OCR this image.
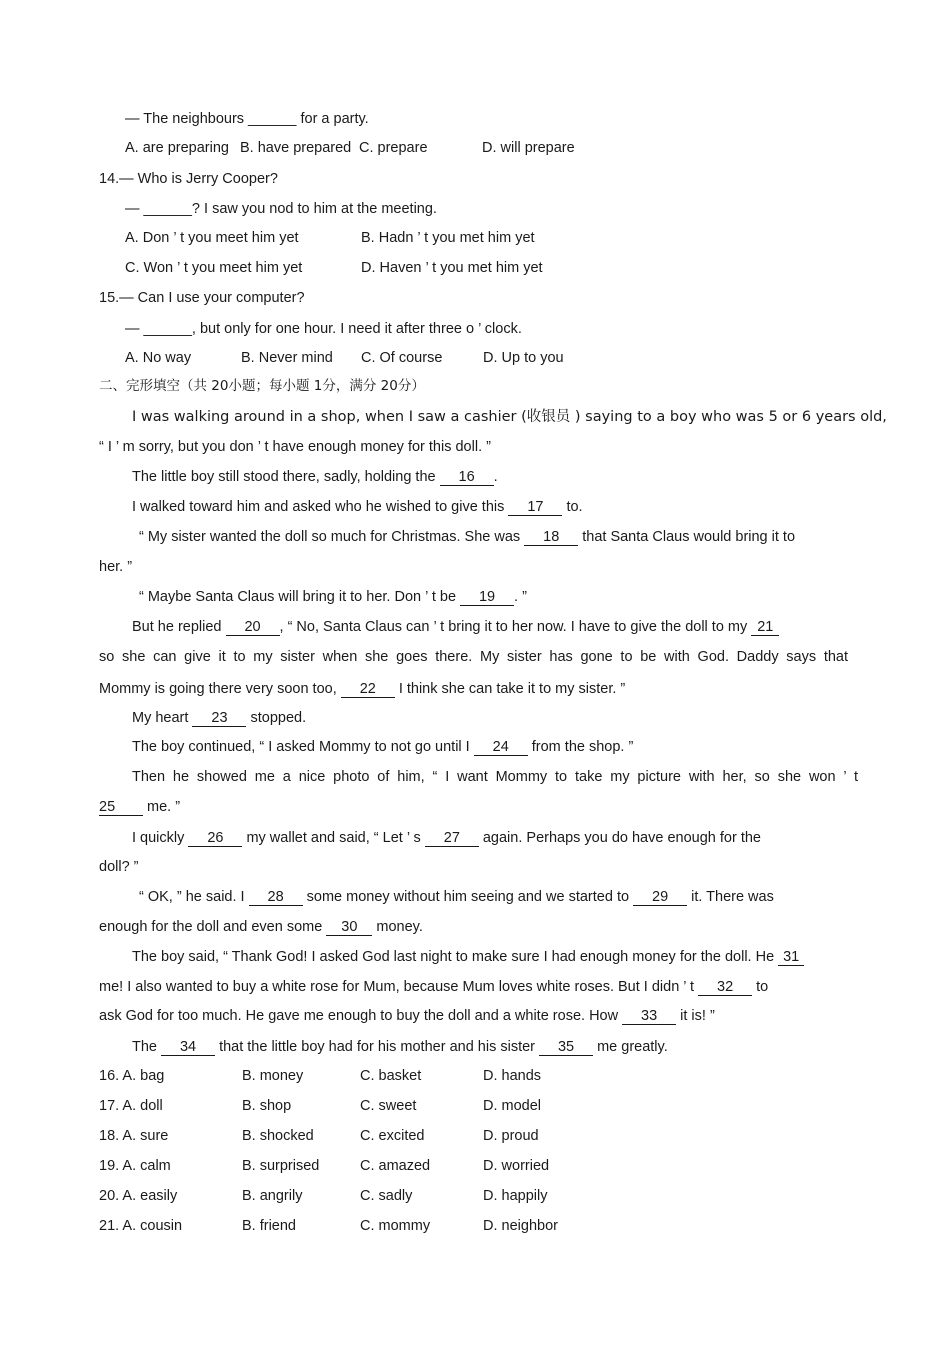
— The neighbours ______ for a party.
A. are preparing B. have prepared C. prepare	D. will prepare
14.— Who is Jerry Cooper?
— ______? I saw you nod to him at the meeting.
A. Don ’ t you meet him yet	B. Hadn ’ t you met him yet
C. Won ’ t you meet him yet	D. Haven ’ t you met him yet
15.— Can I use your computer?
— ______, but only for one hour. I need it after three o ’ clock.
A. No way	B. Never mind C. Of course	D. Up to you
二、完形填空（共 20小题；每小题 1分，满分 20分）
I was walking around in a shop, when I saw a cashier (收银员 ) saying to a boy who was 5 or 6 years old,
“ I ’ m sorry, but you don ’ t have enough money for this doll. ”
The little boy still stood there, sadly, holding the 16 .
I walked toward him and asked who he wished to give this 17 to.
“ My sister wanted the doll so much for Christmas. She was 18 that Santa Claus would bring it to
her. ”
“ Maybe Santa Claus will bring it to her. Don ’ t be 19 . ”
But he replied 20 , “ No, Santa Claus can ’ t bring it to her now. I have to give the doll to my 21
so she can give it to my sister when she goes there. My sister has gone to be with God. Daddy says that
Mommy is going there very soon too, 22 I think she can take it to my sister. ”
My heart 23 stopped.
The boy continued, “ I asked Mommy to not go until I 24 from the shop. ”
Then he showed me a nice photo of him, “ I want Mommy to take my picture with her, so she won ’ t
25 me. ”
I quickly 26 my wallet and said, “ Let ’ s 27 again. Perhaps you do have enough for the
doll? ”
“ OK, ” he said. I 28 some money without him seeing and we started to 29 it. There was
enough for the doll and even some 30 money.
The boy said, “ Thank God! I asked God last night to make sure I had enough money for the doll. He 31
me! I also wanted to buy a white rose for Mum, because Mum loves white roses. But I didn ’ t 32 to
ask God for too much. He gave me enough to buy the doll and a white rose. How 33 it is! ”
The 34 that the little boy had for his mother and his sister 35 me greatly.
16. A. bag	B. money	C. basket	D. hands
17. A. doll	B. shop	C. sweet	D. model
18. A. sure	B. shocked	C. excited	D. proud
19. A. calm	B. surprised	C. amazed	D. worried
20. A. easily	B. angrily	C. sadly	D. happily
21. A. cousin	B. friend	C. mommy	D. neighbor
